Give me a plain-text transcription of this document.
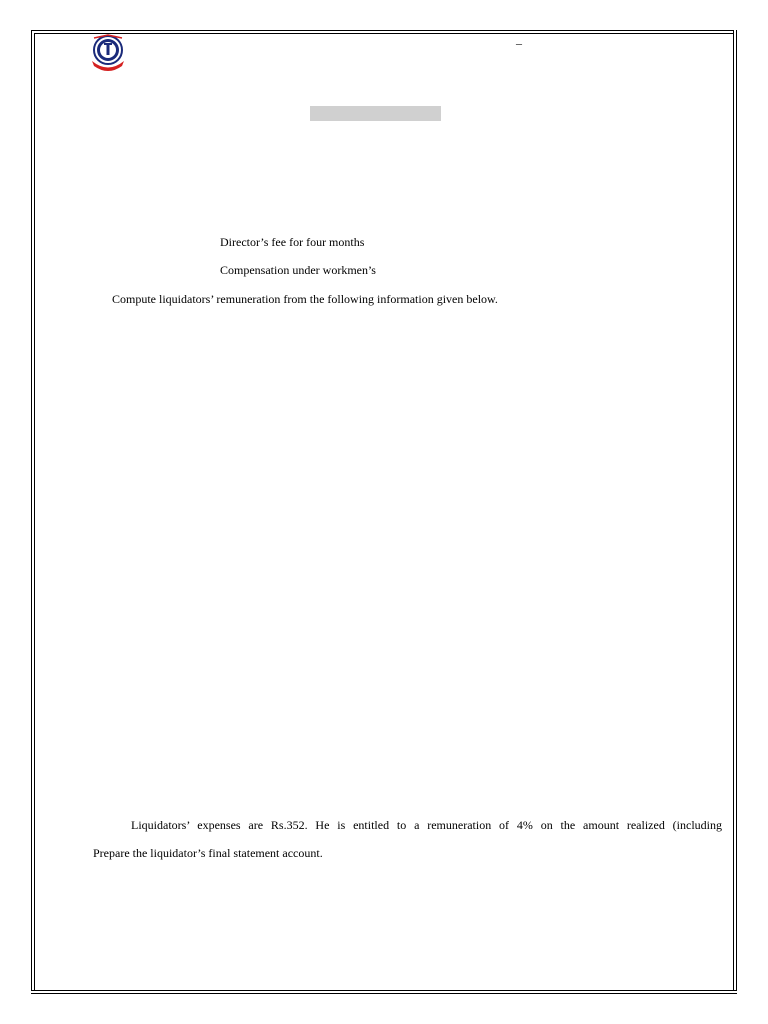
–
Director’s fee for four months
Compensation under workmen’s
Compute liquidators’ remuneration from the following information given below.
Liquidators’ expenses are Rs.352. He is entitled to a remuneration of 4% on the amount realized (including
Prepare the liquidator’s final statement account.
